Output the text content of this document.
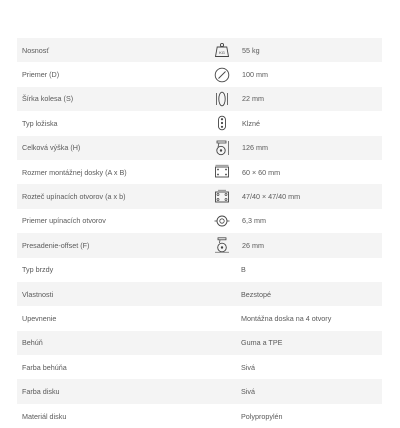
Nosnosť	KG 55 kg
Priemer (D)	100 mm
Šírka kolesa (S)	22 mm
Typ ložiska	Klzné
Celková výška (H)	126 mm
Rozmer montážnej dosky (A x B)	60 × 60 mm
Rozteč upínacích otvorov (a x b)	47/40 × 47/40 mm
Priemer upínacích otvorov	6,3 mm
Presadenie-offset (F)	26 mm
Typ brzdy	B
Vlastnosti	Bezstopé
Upevnenie	Montážna doska na 4 otvory
Behúň	Guma a TPE
Farba behúňa	Sivá
Farba disku	Sivá
Materiál disku	Polypropylén
